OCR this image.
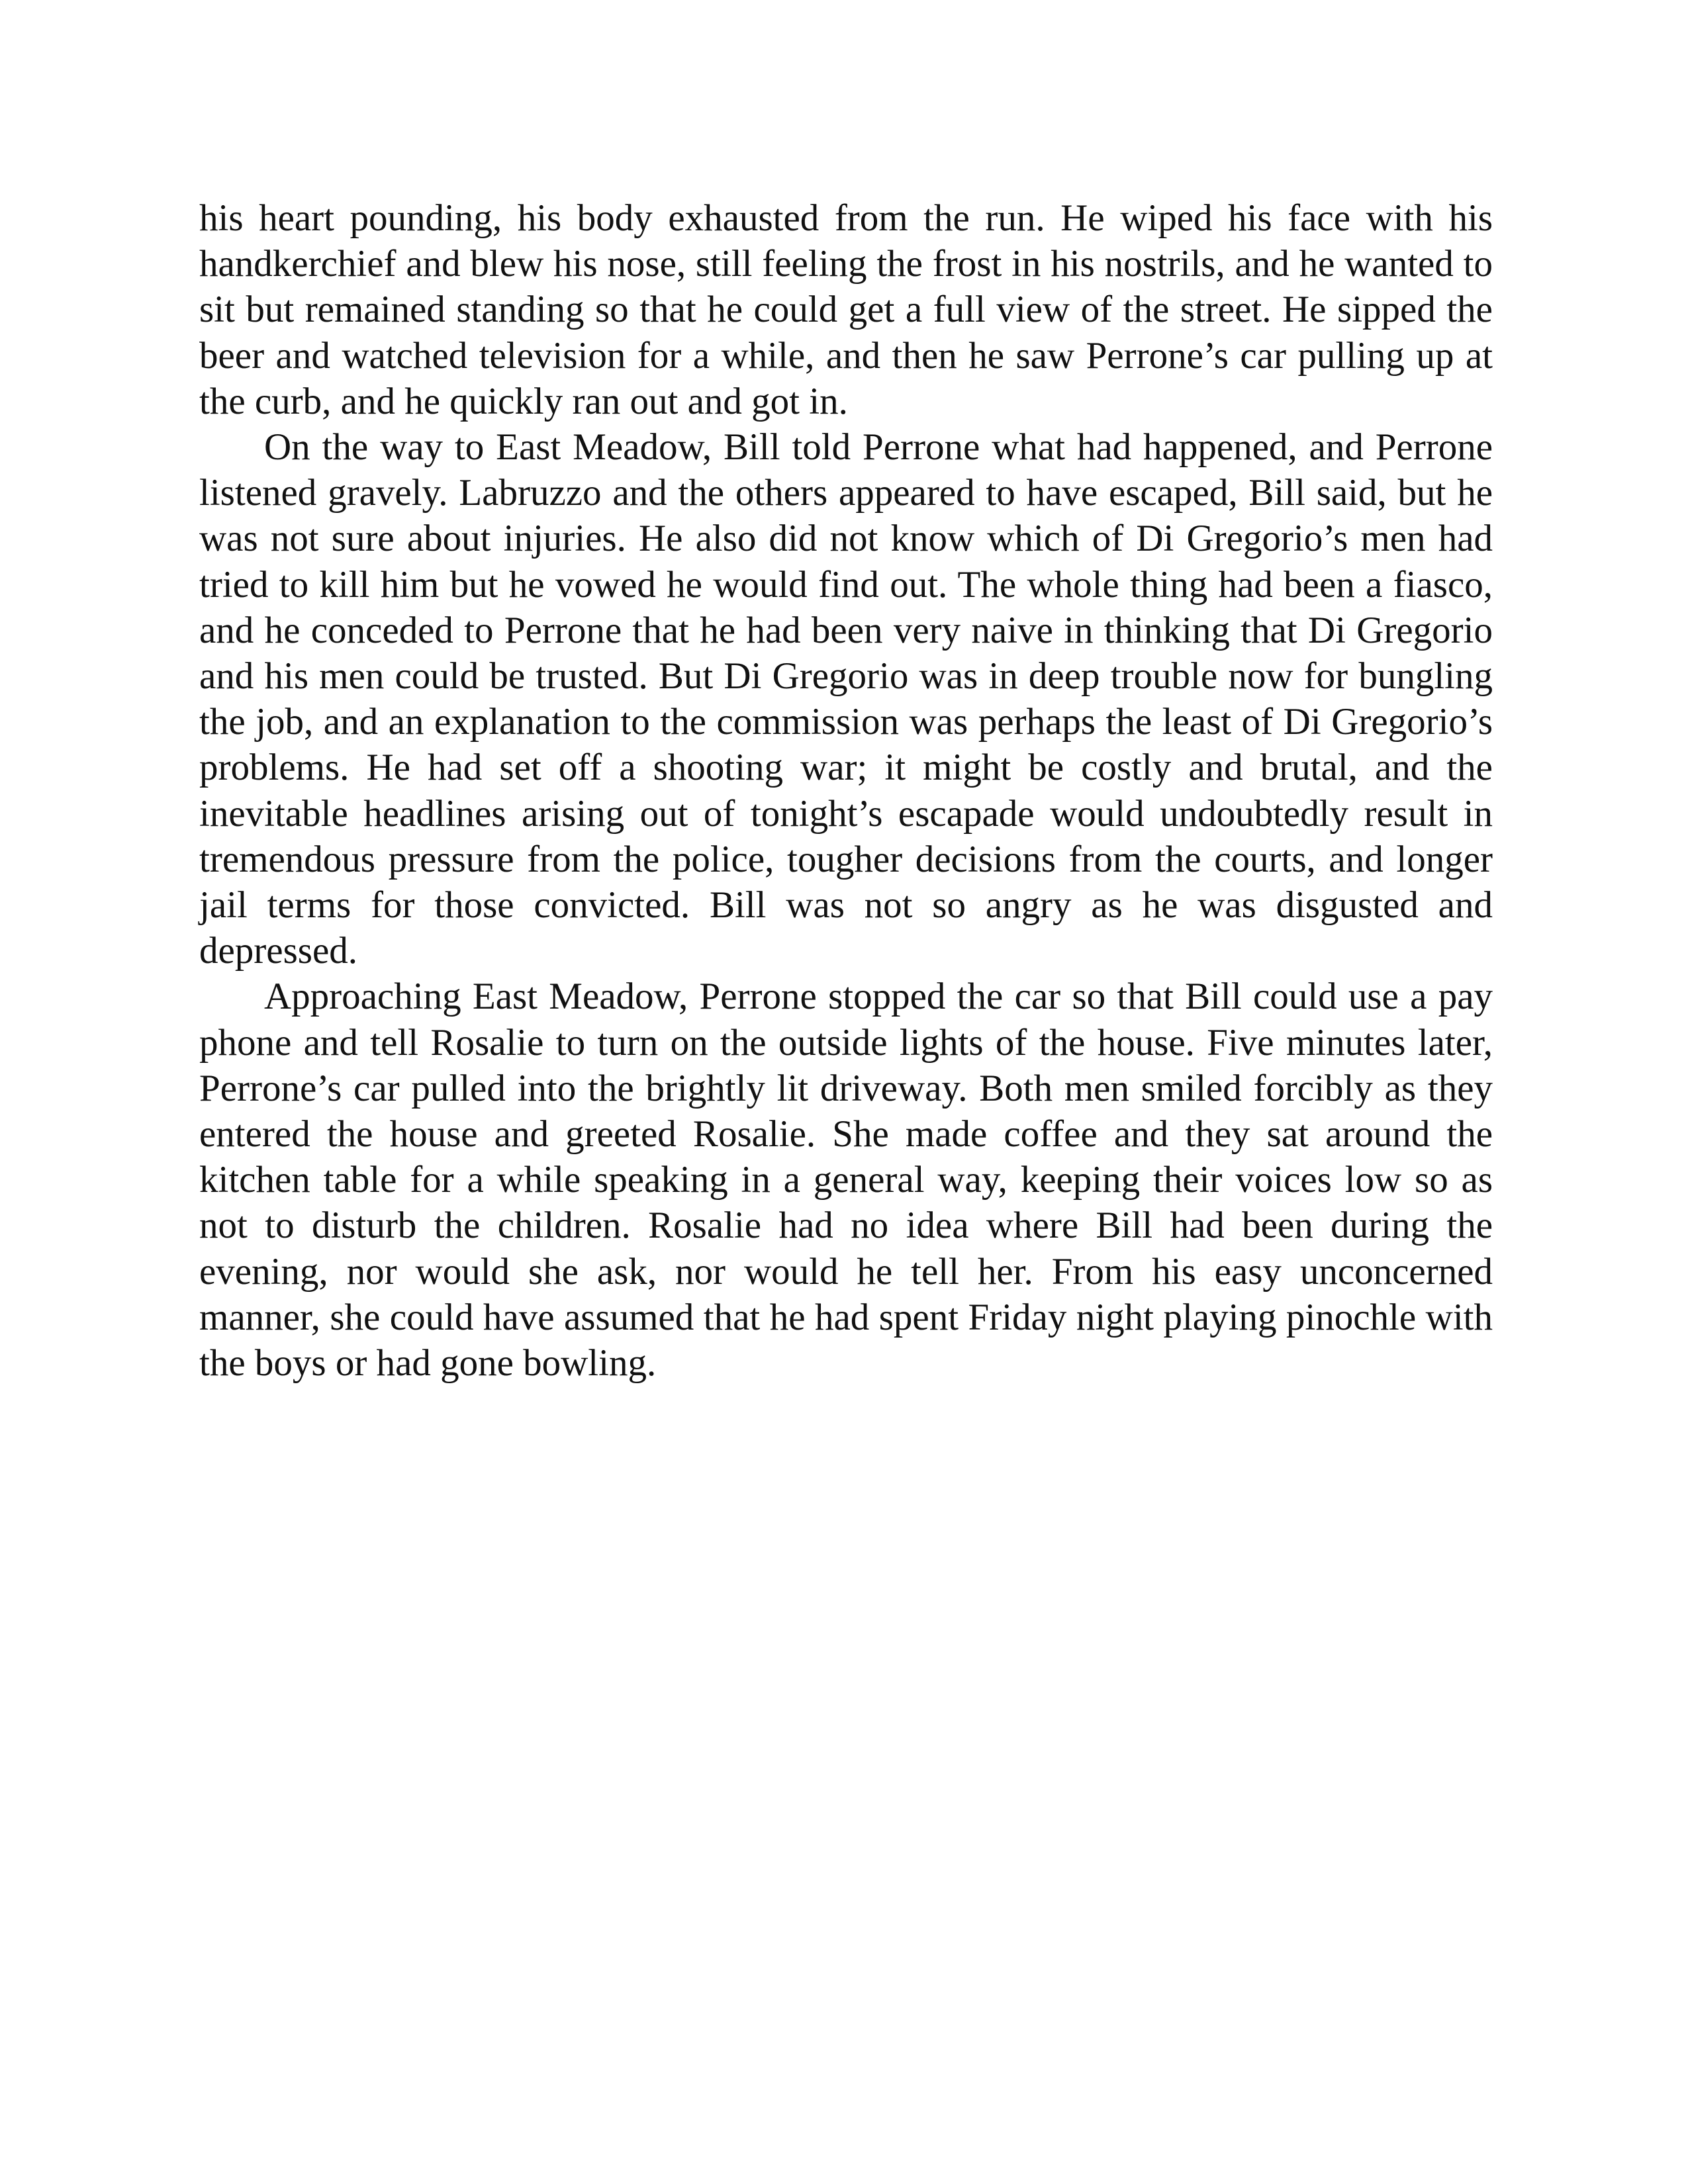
his heart pounding, his body exhausted from the run. He wiped his face with his handkerchief and blew his nose, still feeling the frost in his nostrils, and he wanted to sit but remained standing so that he could get a full view of the street. He sipped the beer and watched television for a while, and then he saw Perrone’s car pulling up at the curb, and he quickly ran out and got in.

On the way to East Meadow, Bill told Perrone what had happened, and Perrone listened gravely. Labruzzo and the others appeared to have escaped, Bill said, but he was not sure about injuries. He also did not know which of Di Gregorio’s men had tried to kill him but he vowed he would find out. The whole thing had been a fiasco, and he conceded to Perrone that he had been very naive in thinking that Di Gregorio and his men could be trusted. But Di Gregorio was in deep trouble now for bungling the job, and an explanation to the commission was perhaps the least of Di Gregorio’s problems. He had set off a shooting war; it might be costly and brutal, and the inevitable headlines arising out of tonight’s escapade would undoubtedly result in tremendous pressure from the police, tougher decisions from the courts, and longer jail terms for those convicted. Bill was not so angry as he was disgusted and depressed.

Approaching East Meadow, Perrone stopped the car so that Bill could use a pay phone and tell Rosalie to turn on the outside lights of the house. Five minutes later, Perrone’s car pulled into the brightly lit driveway. Both men smiled forcibly as they entered the house and greeted Rosalie. She made coffee and they sat around the kitchen table for a while speaking in a general way, keeping their voices low so as not to disturb the children. Rosalie had no idea where Bill had been during the evening, nor would she ask, nor would he tell her. From his easy unconcerned manner, she could have assumed that he had spent Friday night playing pinochle with the boys or had gone bowling.
